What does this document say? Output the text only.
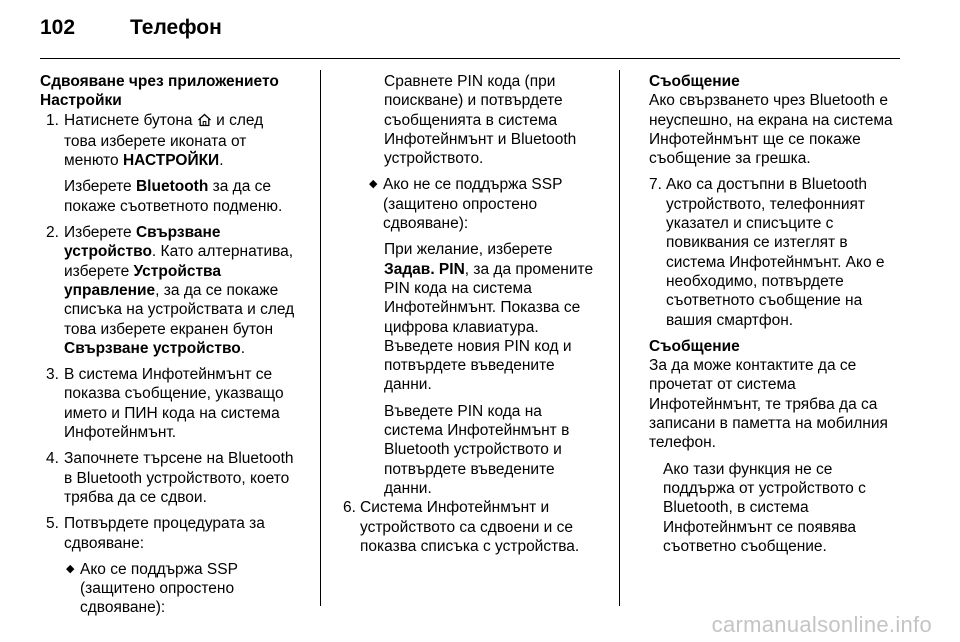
102	Телефон

Сдвояване чрез приложението
Настройки

1. Натиснете бутона и след
това изберете иконата от
менюто НАСТРОЙКИ.

Изберете Bluetooth за да се
покаже съответното подменю.

2. Изберете Свързване
устройство. Като алтернатива,
изберете Устройства
управление, за да се покаже
списъка на устройствата и след
това изберете екранен бутон
Свързване устройство.
3. В система Инфотейнмънт се
показва съобщение, указващо
името и ПИН кода на система
Инфотейнмънт.
4. Започнете търсене на Bluetooth
в Bluetooth устройството, което
трябва да се сдвои.
5. Потвърдете процедурата за
сдвояване:
◆ Ако се поддържа SSP
(защитено опростено
сдвояване):

Сравнете PIN кода (при
поискване) и потвърдете
съобщенията в система
Инфотейнмънт и Bluetooth
устройството.

◆ Ако не се поддържа SSP
(защитено опростено
сдвояване):

При желание, изберете
Задав. PIN, за да промените
PIN кода на система
Инфотейнмънт. Показва се
цифрова клавиатура.
Въведете новия PIN код и
потвърдете въведените
данни.

Въведете PIN кода на
система Инфотейнмънт в
Bluetooth устройството и
потвърдете въведените
данни.

6. Система Инфотейнмънт и
устройството са сдвоени и се
показва списъка с устройства.

Съобщение
Ако свързването чрез Bluetooth е
неуспешно, на екрана на система
Инфотейнмънт ще се покаже
съобщение за грешка.

7. Ако са достъпни в Bluetooth
устройството, телефонният
указател и списъците с
повиквания се изтеглят в
система Инфотейнмънт. Ако е
необходимо, потвърдете
съответното съобщение на
вашия смартфон.

Съобщение
За да може контактите да се
прочетат от система
Инфотейнмънт, те трябва да са
записани в паметта на мобилния
телефон.

Ако тази функция не се
поддържа от устройството с
Bluetooth, в система
Инфотейнмънт се появява
съответно съобщение.

carmanualsonline.info
